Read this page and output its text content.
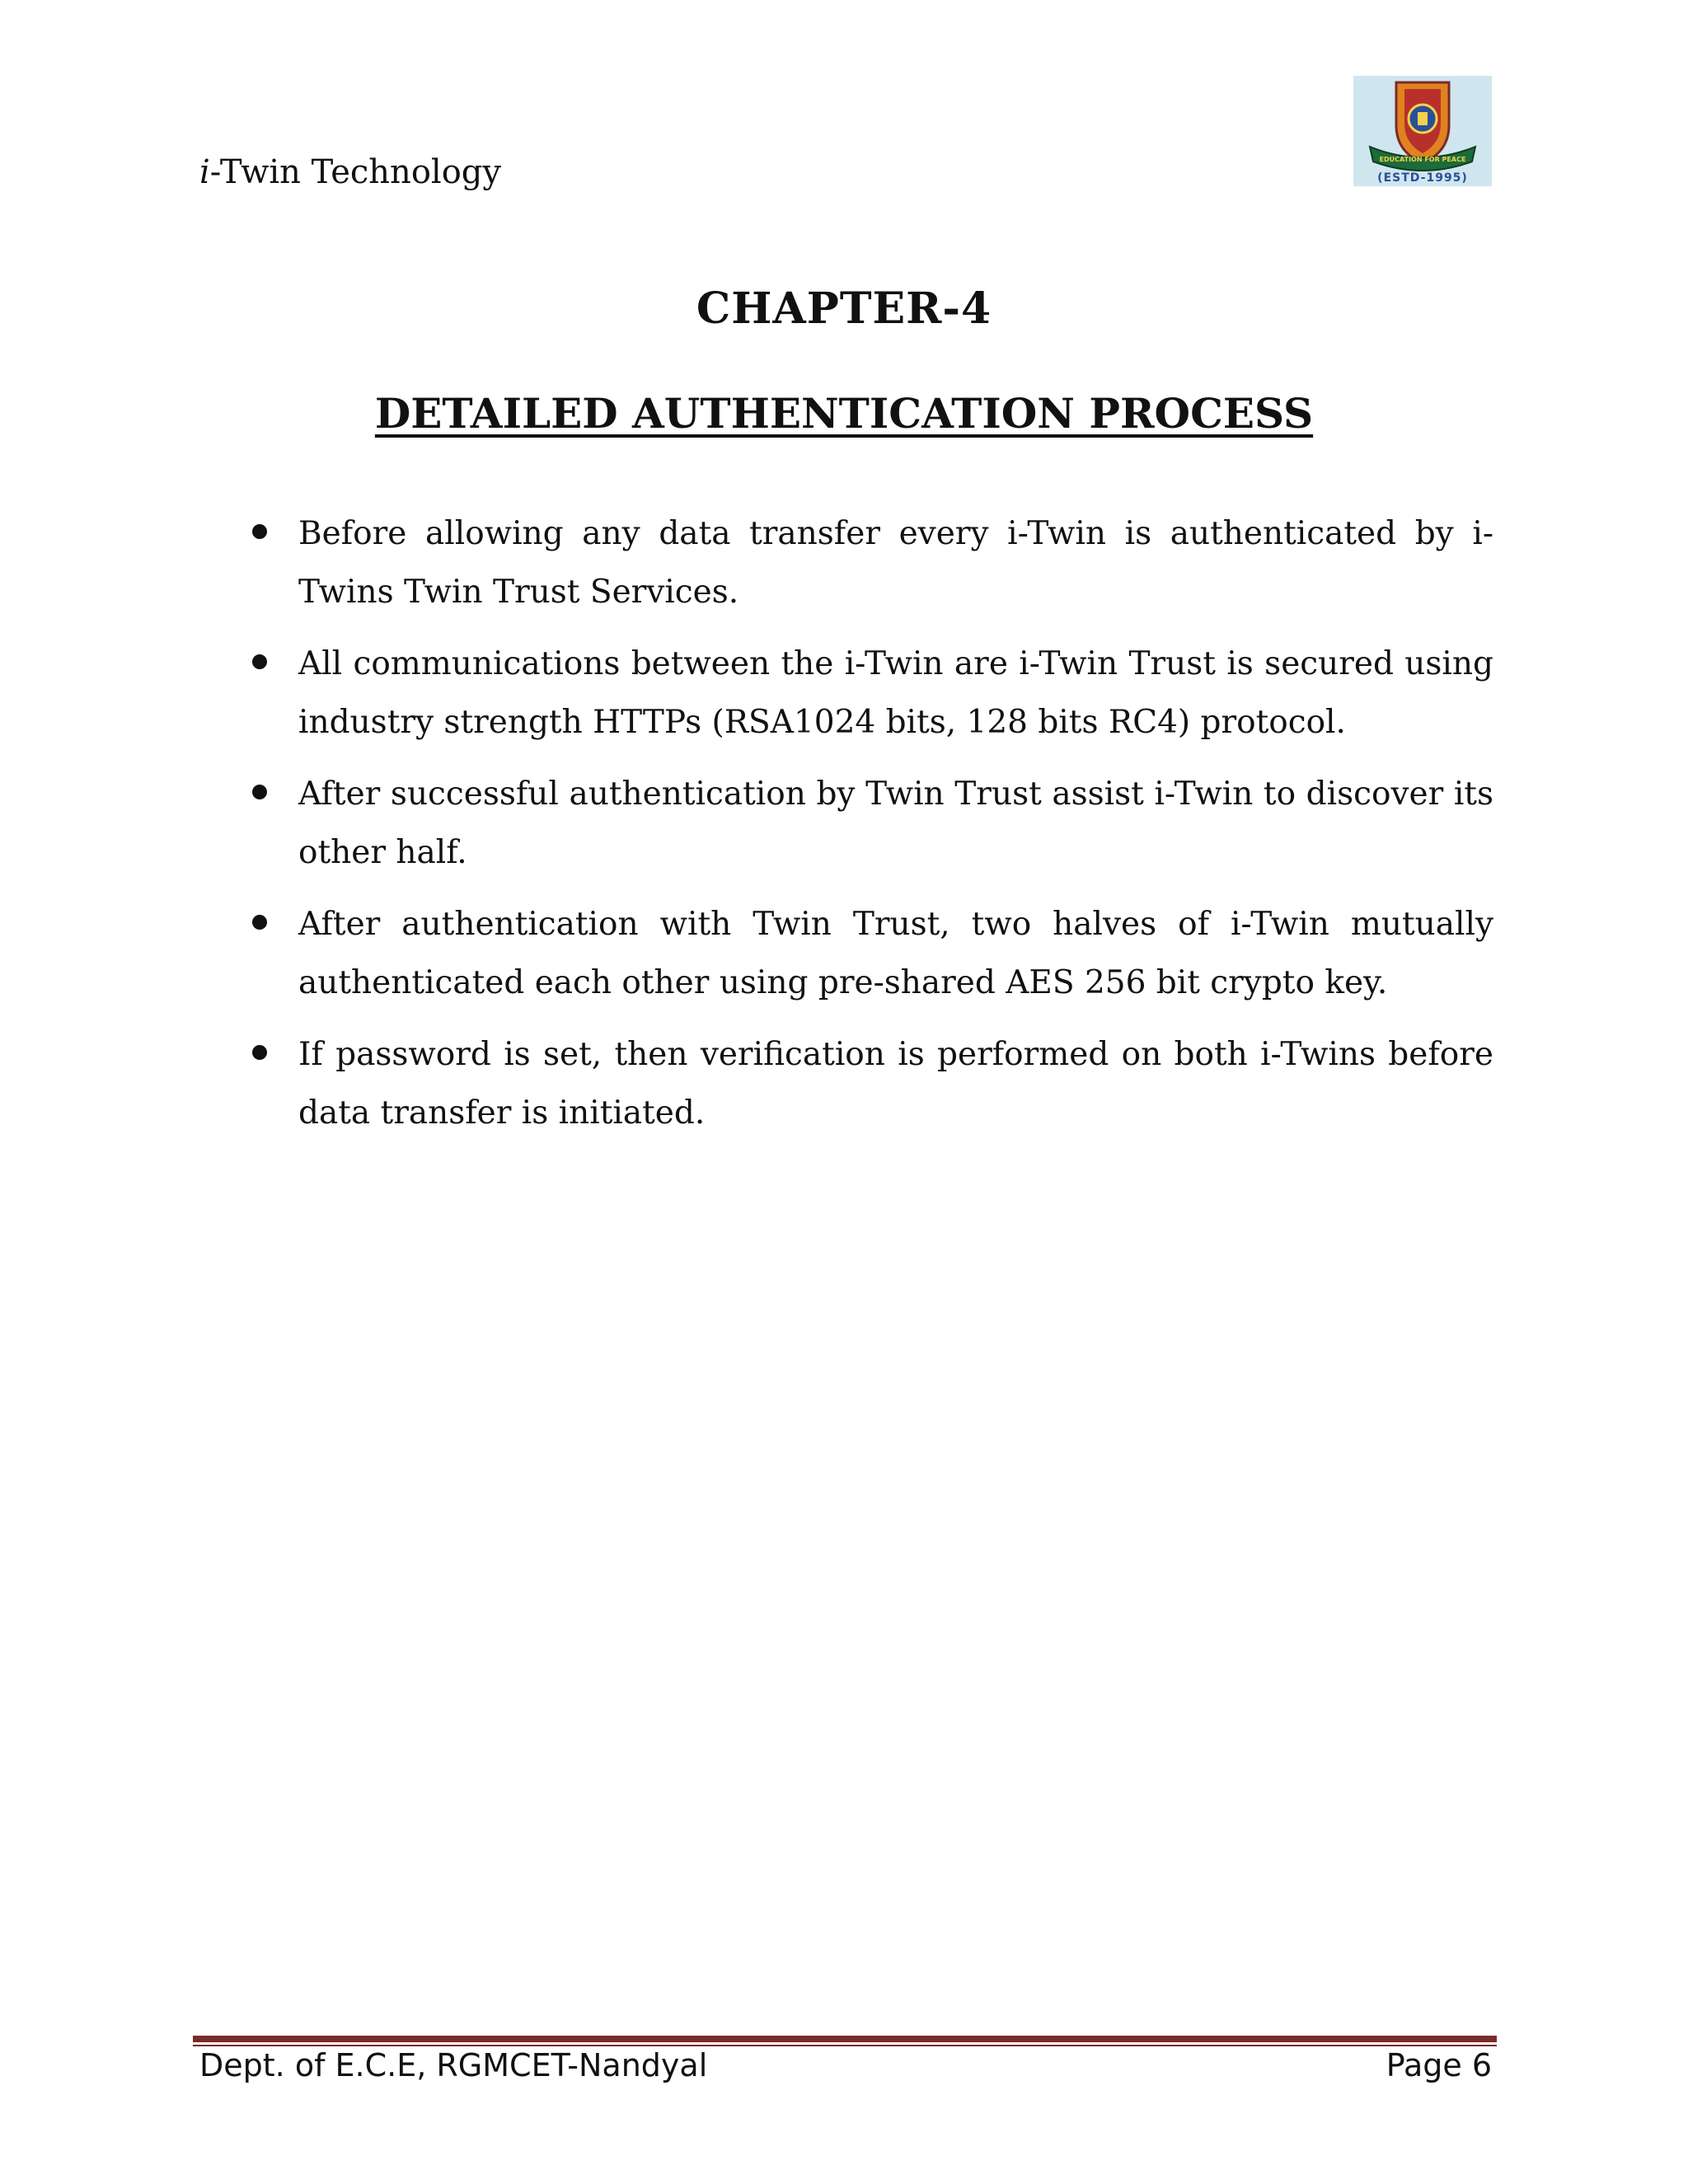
i-Twin Technology	EDUCATION FOR PEACE
(ESTD-1995)
CHAPTER-4
DETAILED AUTHENTICATION PROCESS
Before allowing any data transfer every i-Twin is authenticated by i-Twins Twin Trust Services.
All communications between the i-Twin are i-Twin Trust is secured using industry strength HTTPs (RSA1024 bits, 128 bits RC4) protocol.
After successful authentication by Twin Trust assist i-Twin to discover its other half.
After authentication with Twin Trust, two halves of i-Twin mutually authenticated each other using pre-shared AES 256 bit crypto key.
If password is set, then verification is performed on both i-Twins before data transfer is initiated.
Dept. of E.C.E, RGMCET-Nandyal	Page 6
